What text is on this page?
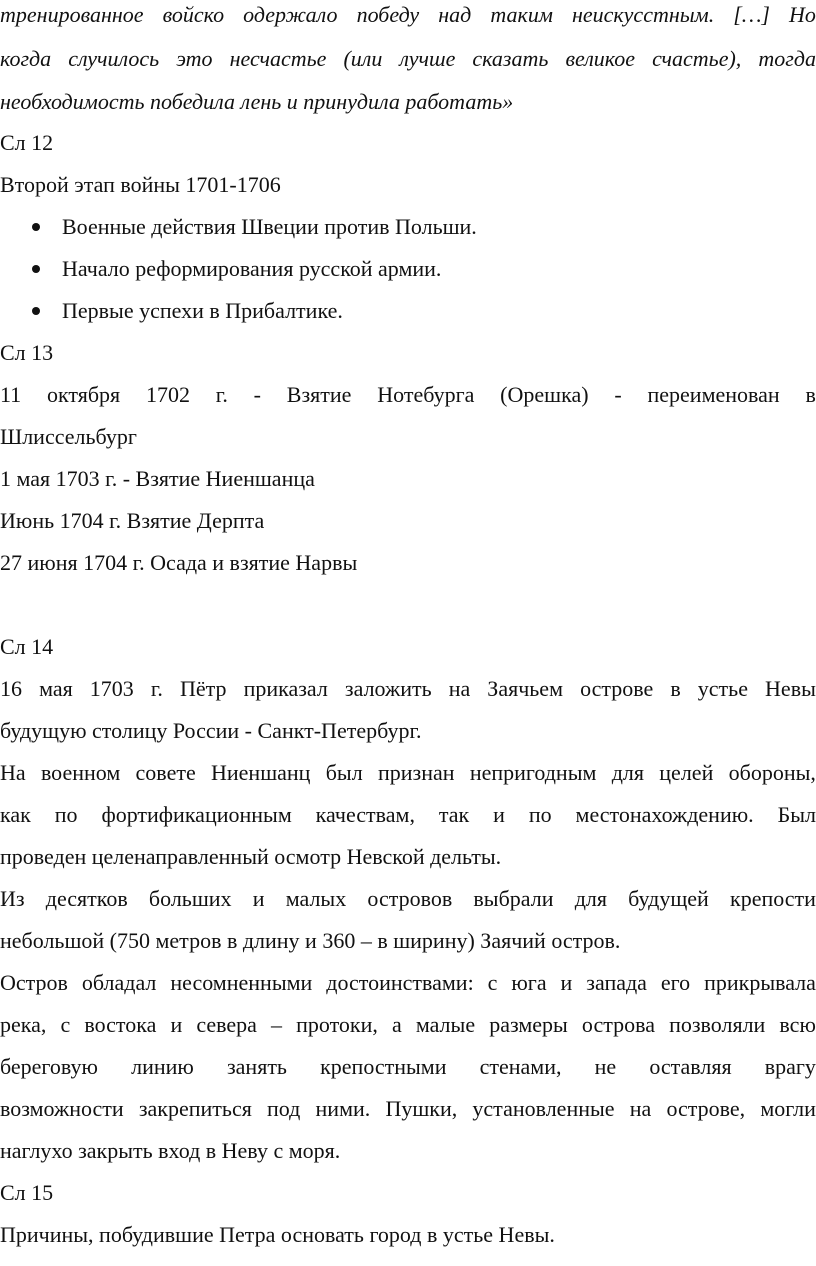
тренированное войско одержало победу над таким неискусстным. […] Но
когда случилось это несчастье (или лучше сказать великое счастье), тогда
необходимость победила лень и принудила работать»
Сл 12
Второй этап войны 1701-1706
Военные действия Швеции против Польши.
Начало реформирования русской армии.
Первые успехи в Прибалтике.
Сл 13
11 октября 1702 г. - Взятие Нотебурга (Орешка) - переименован в
Шлиссельбург
1 мая 1703 г. - Взятие Ниеншанца
Июнь 1704 г. Взятие Дерпта
27 июня 1704 г. Осада и взятие Нарвы
Сл 14
16 мая 1703 г. Пётр приказал заложить на Заячьем острове в устье Невы
будущую столицу России - Санкт-Петербург.
На военном совете Ниеншанц был признан непригодным для целей обороны,
как по фортификационным качествам, так и по местонахождению. Был
проведен целенаправленный осмотр Невской дельты.
Из десятков больших и малых островов выбрали для будущей крепости
небольшой (750 метров в длину и 360 – в ширину) Заячий остров.
Остров обладал несомненными достоинствами: с юга и запада его прикрывала
река, с востока и севера – протоки, а малые размеры острова позволяли всю
береговую линию занять крепостными стенами, не оставляя врагу
возможности закрепиться под ними. Пушки, установленные на острове, могли
наглухо закрыть вход в Неву с моря.
Сл 15
Причины, побудившие Петра основать город в устье Невы.
